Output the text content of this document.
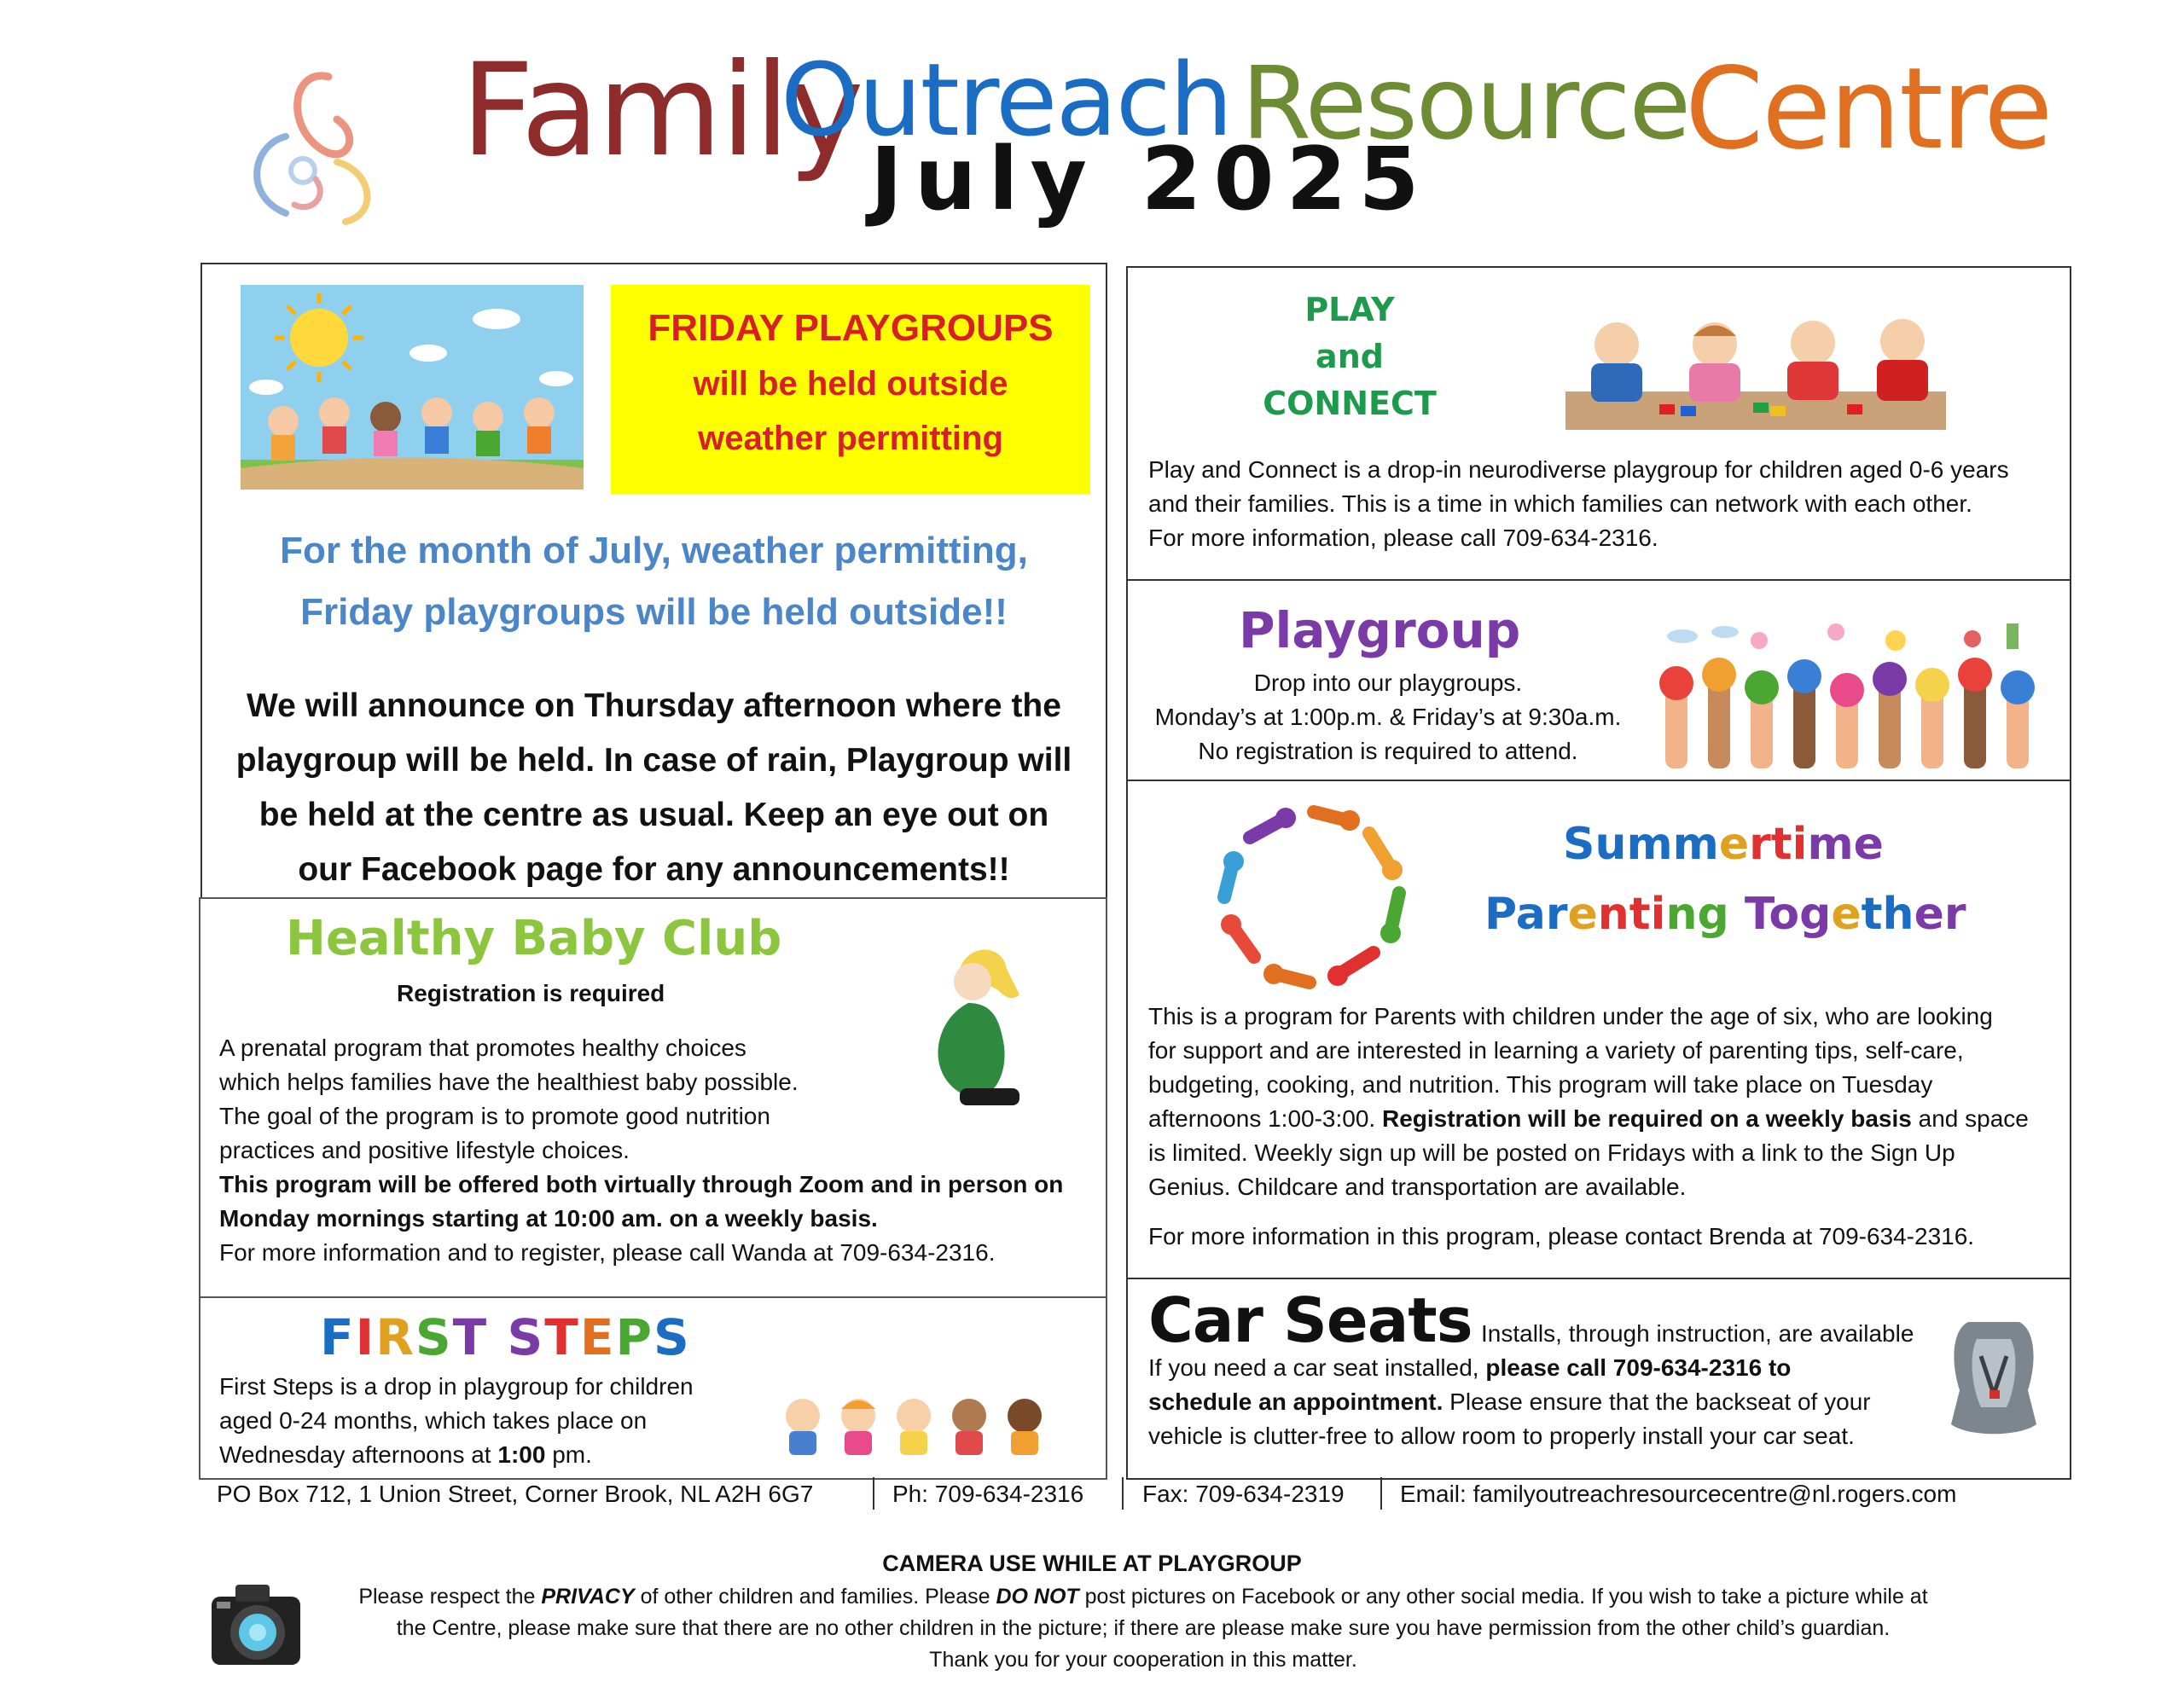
Family
Outreach Resource
Centre
July 2025
FRIDAY PLAYGROUPS
will be held outside
weather permitting
For the month of July, weather permitting,
Friday playgroups will be held outside!!
We will announce on Thursday afternoon where the
playgroup will be held. In case of rain, Playgroup will
be held at the centre as usual. Keep an eye out on
our Facebook page for any announcements!!
Healthy Baby Club
Registration is required
A prenatal program that promotes healthy choices
which helps families have the healthiest baby possible.
The goal of the program is to promote good nutrition
practices and positive lifestyle choices.
This program will be offered both virtually through Zoom and in person on
Monday mornings starting at 10:00 am. on a weekly basis.
For more information and to register, please call Wanda at 709-634-2316.
FIRST STEPS
First Steps is a drop in playgroup for children
aged 0-24 months, which takes place on
Wednesday afternoons at 1:00 pm.
PLAY
and
CONNECT
Play and Connect is a drop-in neurodiverse playgroup for children aged 0-6 years
and their families. This is a time in which families can network with each other.
For more information, please call 709-634-2316.
Playgroup
Drop into our playgroups.
Monday’s at 1:00p.m. & Friday’s at 9:30a.m.
No registration is required to attend.
Summertime
Parenting Together
This is a program for Parents with children under the age of six, who are looking
for support and are interested in learning a variety of parenting tips, self-care,
budgeting, cooking, and nutrition. This program will take place on Tuesday
afternoons 1:00-3:00. Registration will be required on a weekly basis and space
is limited. Weekly sign up will be posted on Fridays with a link to the Sign Up
Genius. Childcare and transportation are available.
For more information in this program, please contact Brenda at 709-634-2316.
Car Seats Installs, through instruction, are available
If you need a car seat installed, please call 709-634-2316 to
schedule an appointment. Please ensure that the backseat of your
vehicle is clutter-free to allow room to properly install your car seat.
PO Box 712, 1 Union Street, Corner Brook, NL A2H 6G7	Ph: 709-634-2316 Fax: 709-634-2319 Email: familyoutreachresourcecentre@nl.rogers.com
CAMERA USE WHILE AT PLAYGROUP
Please respect the PRIVACY of other children and families. Please DO NOT post pictures on Facebook or any other social media. If you wish to take a picture while at
the Centre, please make sure that there are no other children in the picture; if there are please make sure you have permission from the other child’s guardian.
Thank you for your cooperation in this matter.
